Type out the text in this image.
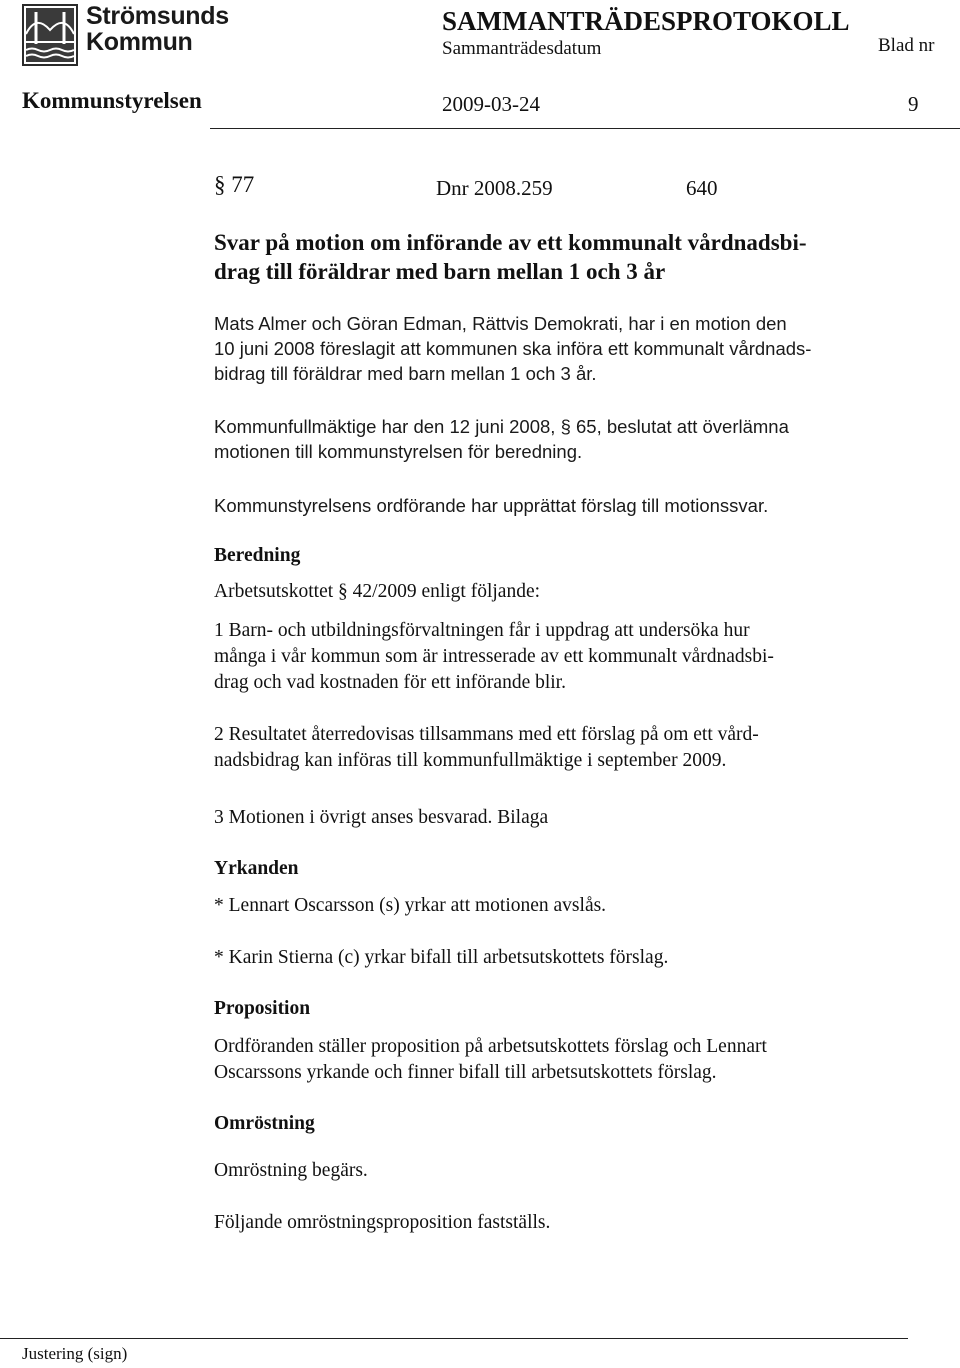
Strömsunds
Kommun
SAMMANTRÄDESPROTOKOLL
Sammanträdesdatum	Blad nr
Kommunstyrelsen	2009-03-24	9
§ 77	Dnr 2008.259	640
Svar på motion om införande av ett kommunalt vårdnadsbi-
drag till föräldrar med barn mellan 1 och 3 år
Mats Almer och Göran Edman, Rättvis Demokrati, har i en motion den
10 juni 2008 föreslagit att kommunen ska införa ett kommunalt vårdnads-
bidrag till föräldrar med barn mellan 1 och 3 år.
Kommunfullmäktige har den 12 juni 2008, § 65, beslutat att överlämna
motionen till kommunstyrelsen för beredning.
Kommunstyrelsens ordförande har upprättat förslag till motionssvar.
Beredning
Arbetsutskottet § 42/2009 enligt följande:
1 Barn- och utbildningsförvaltningen får i uppdrag att undersöka hur
många i vår kommun som är intresserade av ett kommunalt vårdnadsbi-
drag och vad kostnaden för ett införande blir.
2 Resultatet återredovisas tillsammans med ett förslag på om ett vård-
nadsbidrag kan införas till kommunfullmäktige i september 2009.
3 Motionen i övrigt anses besvarad. Bilaga
Yrkanden
* Lennart Oscarsson (s) yrkar att motionen avslås.
* Karin Stierna (c) yrkar bifall till arbetsutskottets förslag.
Proposition
Ordföranden ställer proposition på arbetsutskottets förslag och Lennart
Oscarssons yrkande och finner bifall till arbetsutskottets förslag.
Omröstning
Omröstning begärs.
Följande omröstningsproposition fastställs.
Justering (sign)
